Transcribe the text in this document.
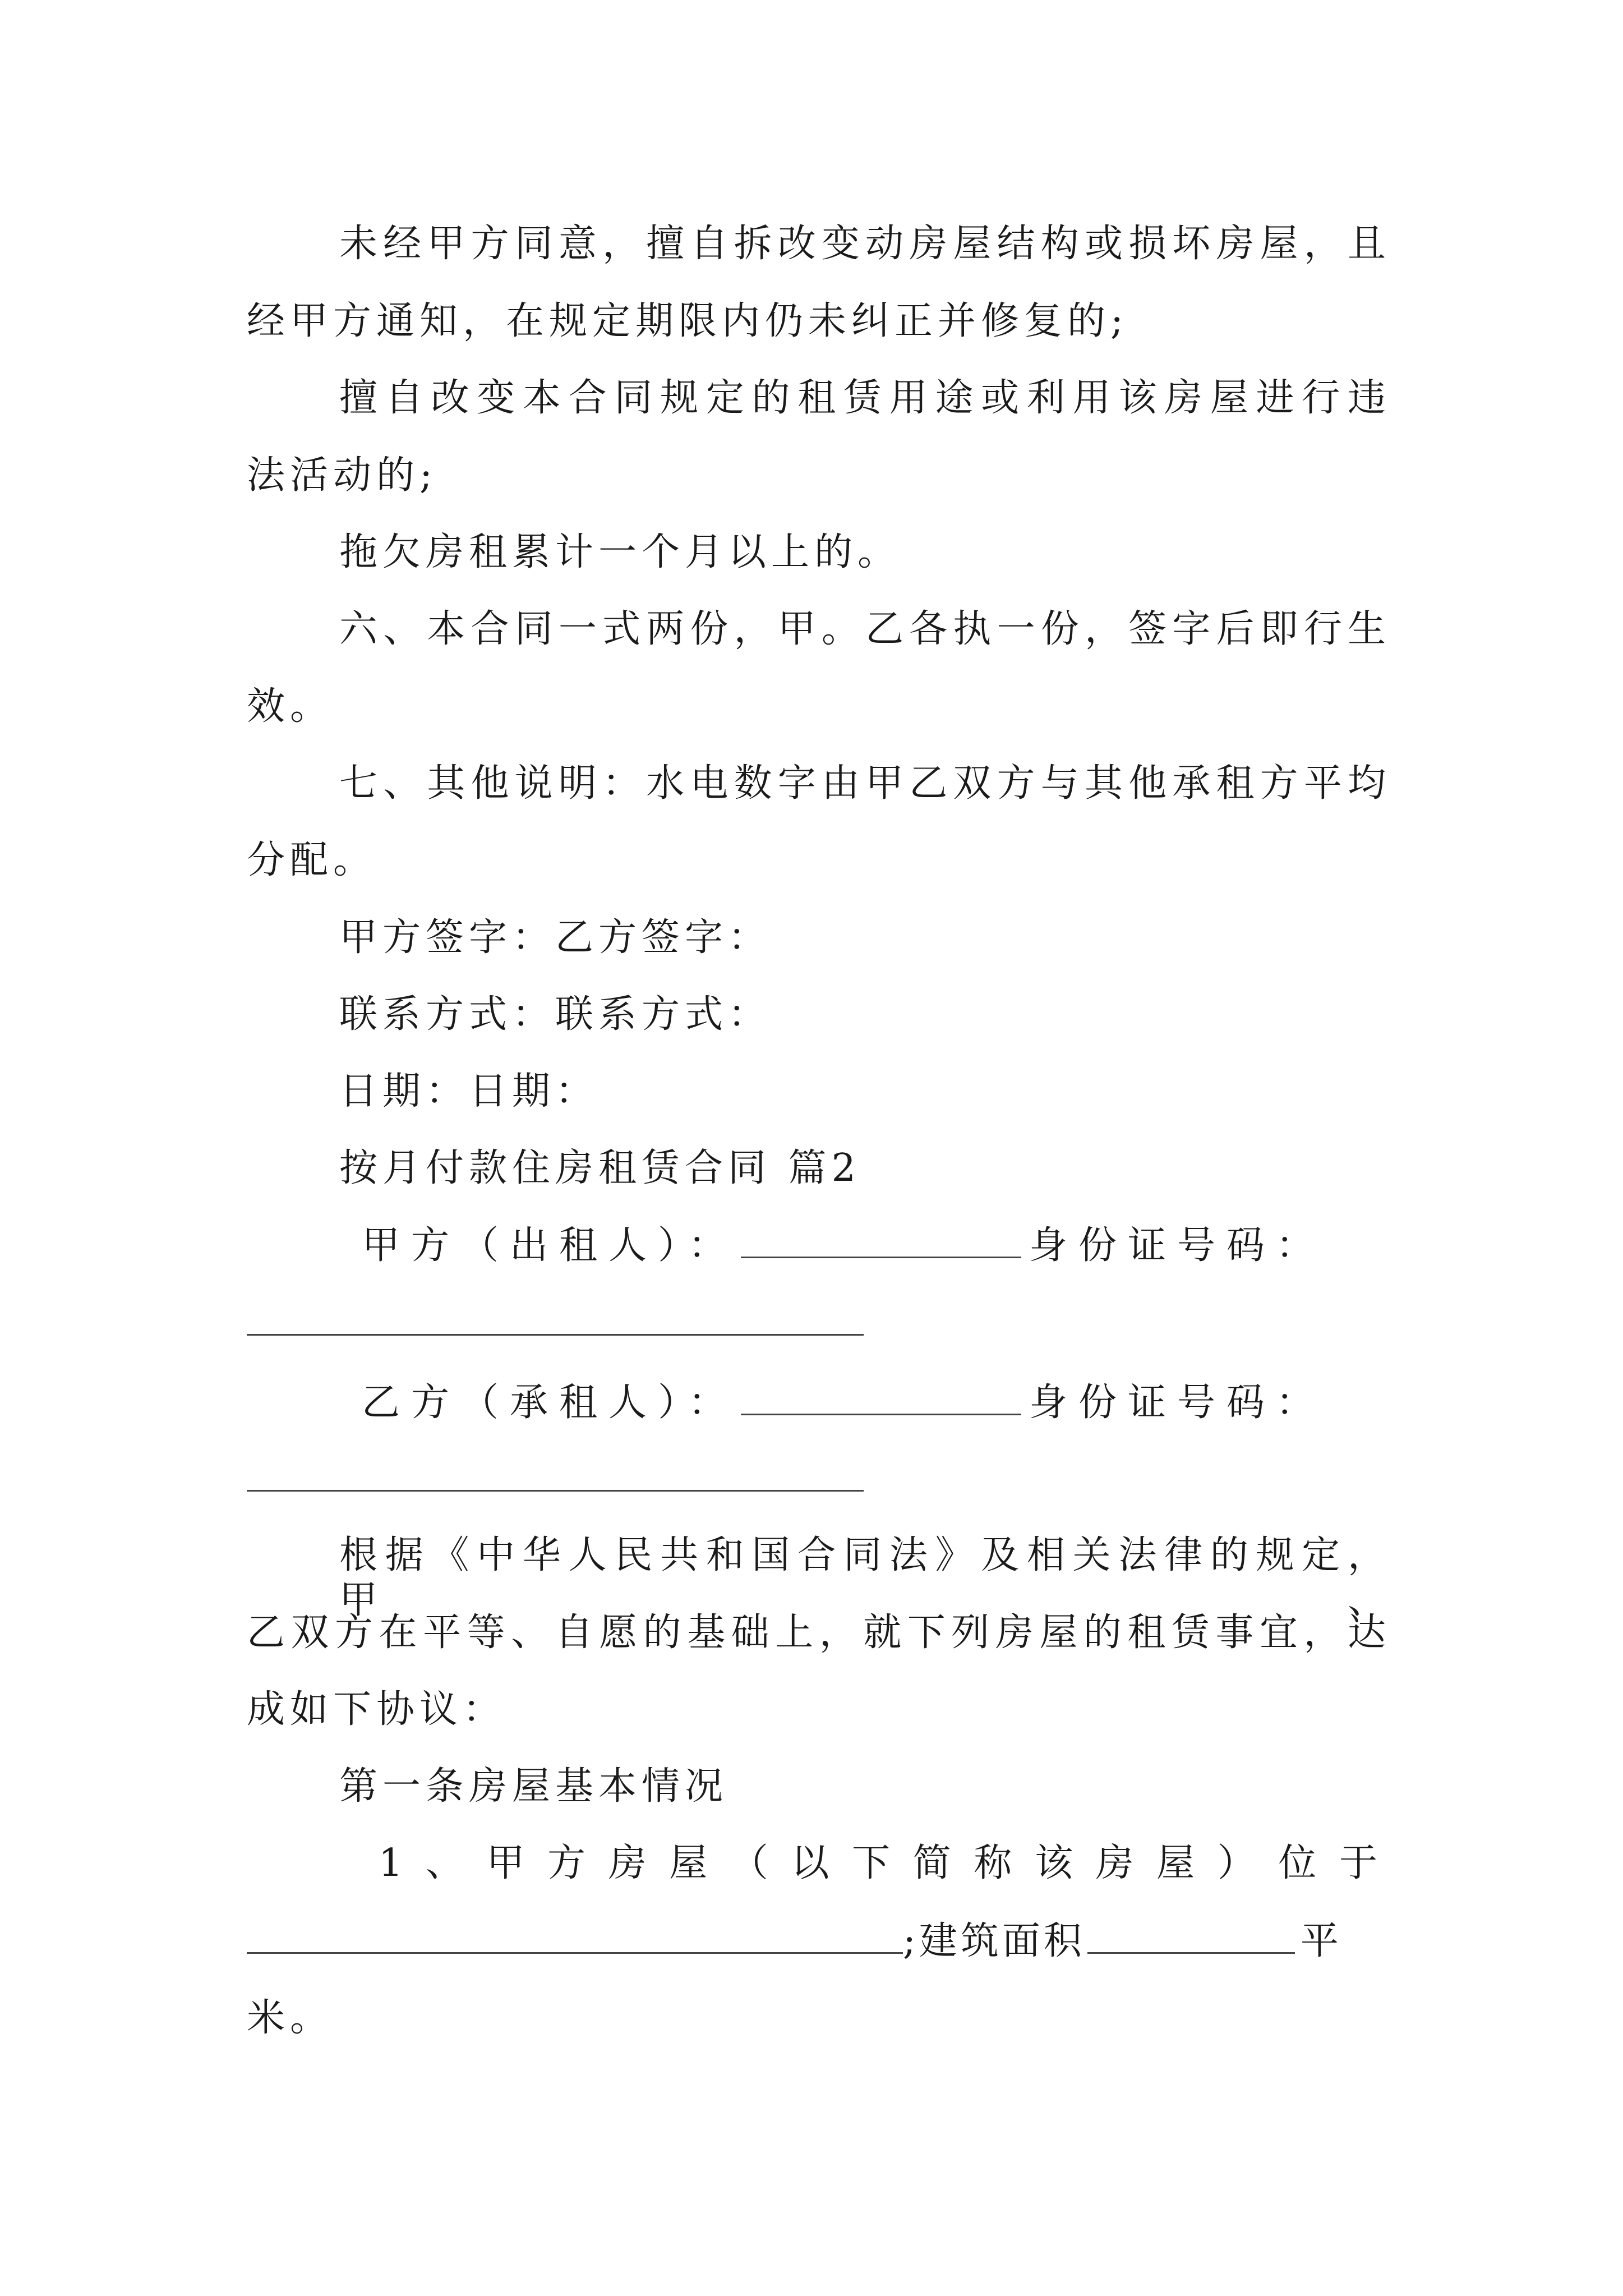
未经甲方同意，擅自拆改变动房屋结构或损坏房屋，且
经甲方通知，在规定期限内仍未纠正并修复的;
擅自改变本合同规定的租赁用途或利用该房屋进行违
法活动的;
拖欠房租累计一个月以上的。
六、本合同一式两份，甲。乙各执一份，签字后即行生
效。
七、其他说明：水电数字由甲乙双方与其他承租方平均
分配。
甲方签字：乙方签字：
联系方式：联系方式：
日期：日期：
按月付款住房租赁合同 篇2
甲方（出租人）：	身份证号码：
乙方（承租人）：	身份证号码：
根据《中华人民共和国合同法》及相关法律的规定，甲、
乙双方在平等、自愿的基础上，就下列房屋的租赁事宜，达
成如下协议：
第一条房屋基本情况
1、甲方房屋（以下简称该房屋）位于
;建筑面积	平
米。
